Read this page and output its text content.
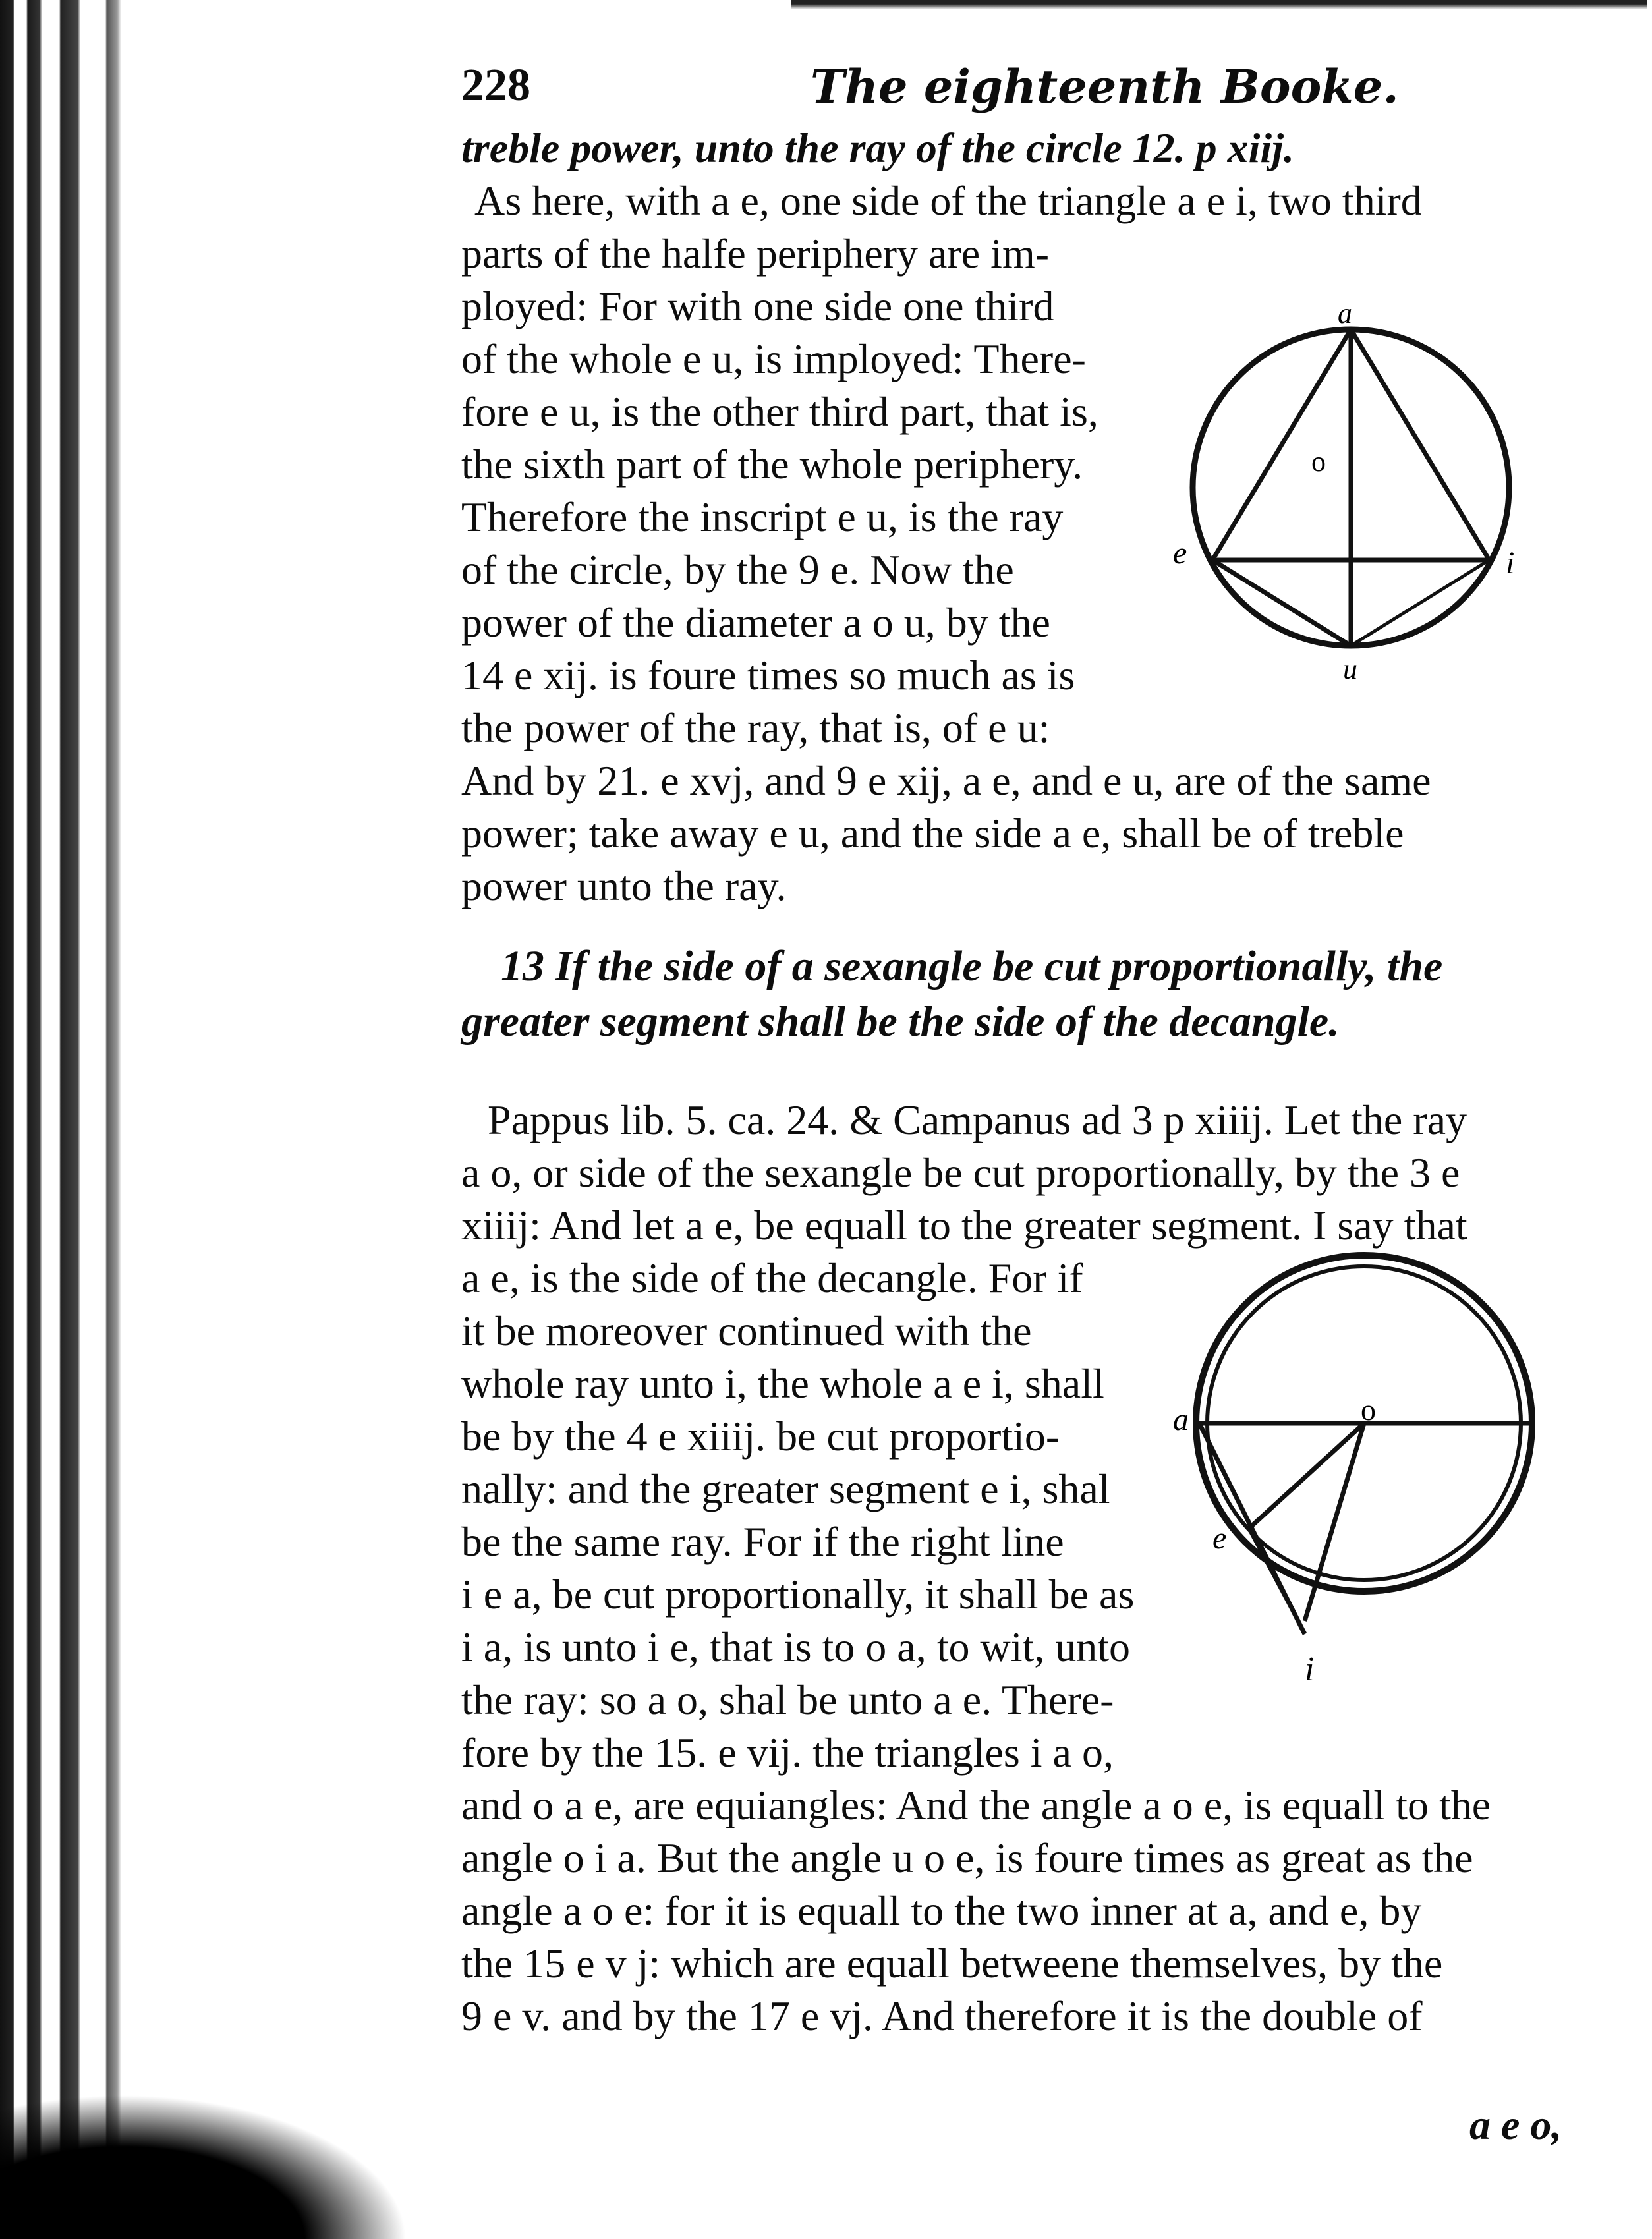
228	The eighteenth Booke.
treble power, unto the ray of the circle 12. p xiij.
As here, with a e, one side of the triangle a e i, two third
parts of the halfe periphery are im-
ployed: For with one side one third
of the whole e u, is imployed: There-
fore e u, is the other third part, that is,
the sixth part of the whole periphery.
Therefore the inscript e u, is the ray
of the circle, by the 9 e. Now the
power of the diameter a o u, by the
14 e xij. is foure times so much as is
the power of the ray, that is, of e u:
And by 21. e xvj, and 9 e xij, a e, and e u, are of the same
power; take away e u, and the side a e, shall be of treble
power unto the ray.
a
o
e	i
u
13 If the side of a sexangle be cut proportionally, the
greater segment shall be the side of the decangle.
Pappus lib. 5. ca. 24. & Campanus ad 3 p xiiij. Let the ray
a o, or side of the sexangle be cut proportionally, by the 3 e
xiiij: And let a e, be equall to the greater segment. I say that
a e, is the side of the decangle. For if
it be moreover continued with the
whole ray unto i, the whole a e i, shall
be by the 4 e xiiij. be cut proportio-
nally: and the greater segment e i, shal
be the same ray. For if the right line
i e a, be cut proportionally, it shall be as
i a, is unto i e, that is to o a, to wit, unto
the ray: so a o, shal be unto a e. There-
fore by the 15. e vij. the triangles i a o,
and o a e, are equiangles: And the angle a o e, is equall to the
angle o i a. But the angle u o e, is foure times as great as the
angle a o e: for it is equall to the two inner at a, and e, by
the 15 e v j: which are equall betweene themselves, by the
9 e v. and by the 17 e vj. And therefore it is the double of
a	o
e
i
a e o,
